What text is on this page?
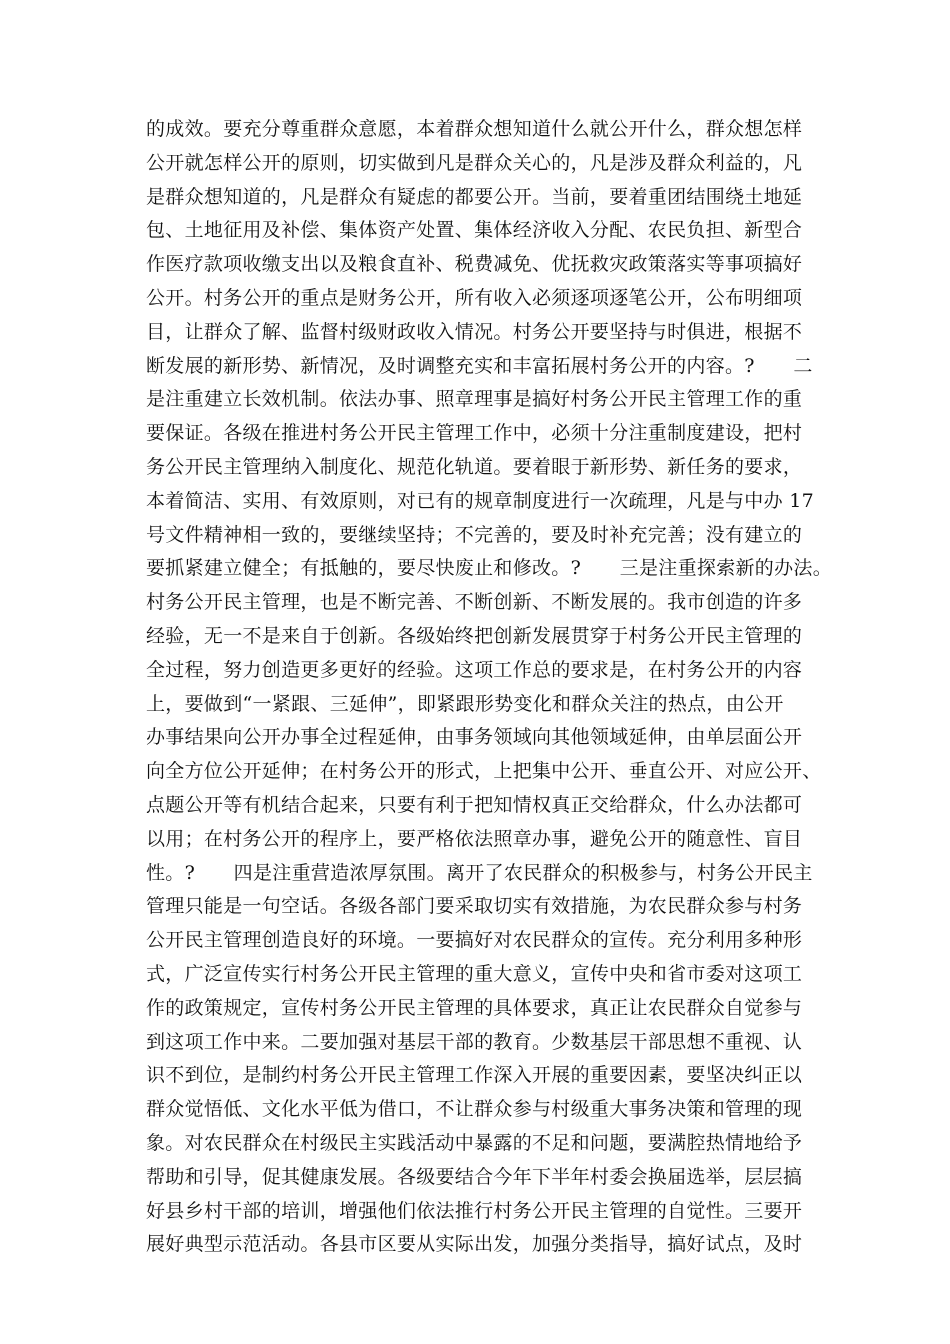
的成效。要充分尊重群众意愿，本着群众想知道什么就公开什么，群众想怎样
公开就怎样公开的原则，切实做到凡是群众关心的，凡是涉及群众利益的，凡
是群众想知道的，凡是群众有疑虑的都要公开。当前，要着重团结围绕土地延
包、土地征用及补偿、集体资产处置、集体经济收入分配、农民负担、新型合
作医疗款项收缴支出以及粮食直补、税费减免、优抚救灾政策落实等事项搞好
公开。村务公开的重点是财务公开，所有收入必须逐项逐笔公开，公布明细项
目，让群众了解、监督村级财政收入情况。村务公开要坚持与时俱进，根据不
断发展的新形势、新情况，及时调整充实和丰富拓展村务公开的内容。?　　二
是注重建立长效机制。依法办事、照章理事是搞好村务公开民主管理工作的重
要保证。各级在推进村务公开民主管理工作中，必须十分注重制度建设，把村
务公开民主管理纳入制度化、规范化轨道。要着眼于新形势、新任务的要求，
本着简洁、实用、有效原则，对已有的规章制度进行一次疏理，凡是与中办 17
号文件精神相一致的，要继续坚持；不完善的，要及时补充完善；没有建立的
要抓紧建立健全；有抵触的，要尽快废止和修改。?　　三是注重探索新的办法。
村务公开民主管理，也是不断完善、不断创新、不断发展的。我市创造的许多
经验，无一不是来自于创新。各级始终把创新发展贯穿于村务公开民主管理的
全过程，努力创造更多更好的经验。这项工作总的要求是，在村务公开的内容
上，要做到“一紧跟、三延伸”，即紧跟形势变化和群众关注的热点，由公开
办事结果向公开办事全过程延伸，由事务领域向其他领域延伸，由单层面公开
向全方位公开延伸；在村务公开的形式，上把集中公开、垂直公开、对应公开、
点题公开等有机结合起来，只要有利于把知情权真正交给群众，什么办法都可
以用；在村务公开的程序上，要严格依法照章办事，避免公开的随意性、盲目
性。?　　四是注重营造浓厚氛围。离开了农民群众的积极参与，村务公开民主
管理只能是一句空话。各级各部门要采取切实有效措施，为农民群众参与村务
公开民主管理创造良好的环境。一要搞好对农民群众的宣传。充分利用多种形
式，广泛宣传实行村务公开民主管理的重大意义，宣传中央和省市委对这项工
作的政策规定，宣传村务公开民主管理的具体要求，真正让农民群众自觉参与
到这项工作中来。二要加强对基层干部的教育。少数基层干部思想不重视、认
识不到位，是制约村务公开民主管理工作深入开展的重要因素，要坚决纠正以
群众觉悟低、文化水平低为借口，不让群众参与村级重大事务决策和管理的现
象。对农民群众在村级民主实践活动中暴露的不足和问题，要满腔热情地给予
帮助和引导，促其健康发展。各级要结合今年下半年村委会换届选举，层层搞
好县乡村干部的培训，增强他们依法推行村务公开民主管理的自觉性。三要开
展好典型示范活动。各县市区要从实际出发，加强分类指导，搞好试点，及时
